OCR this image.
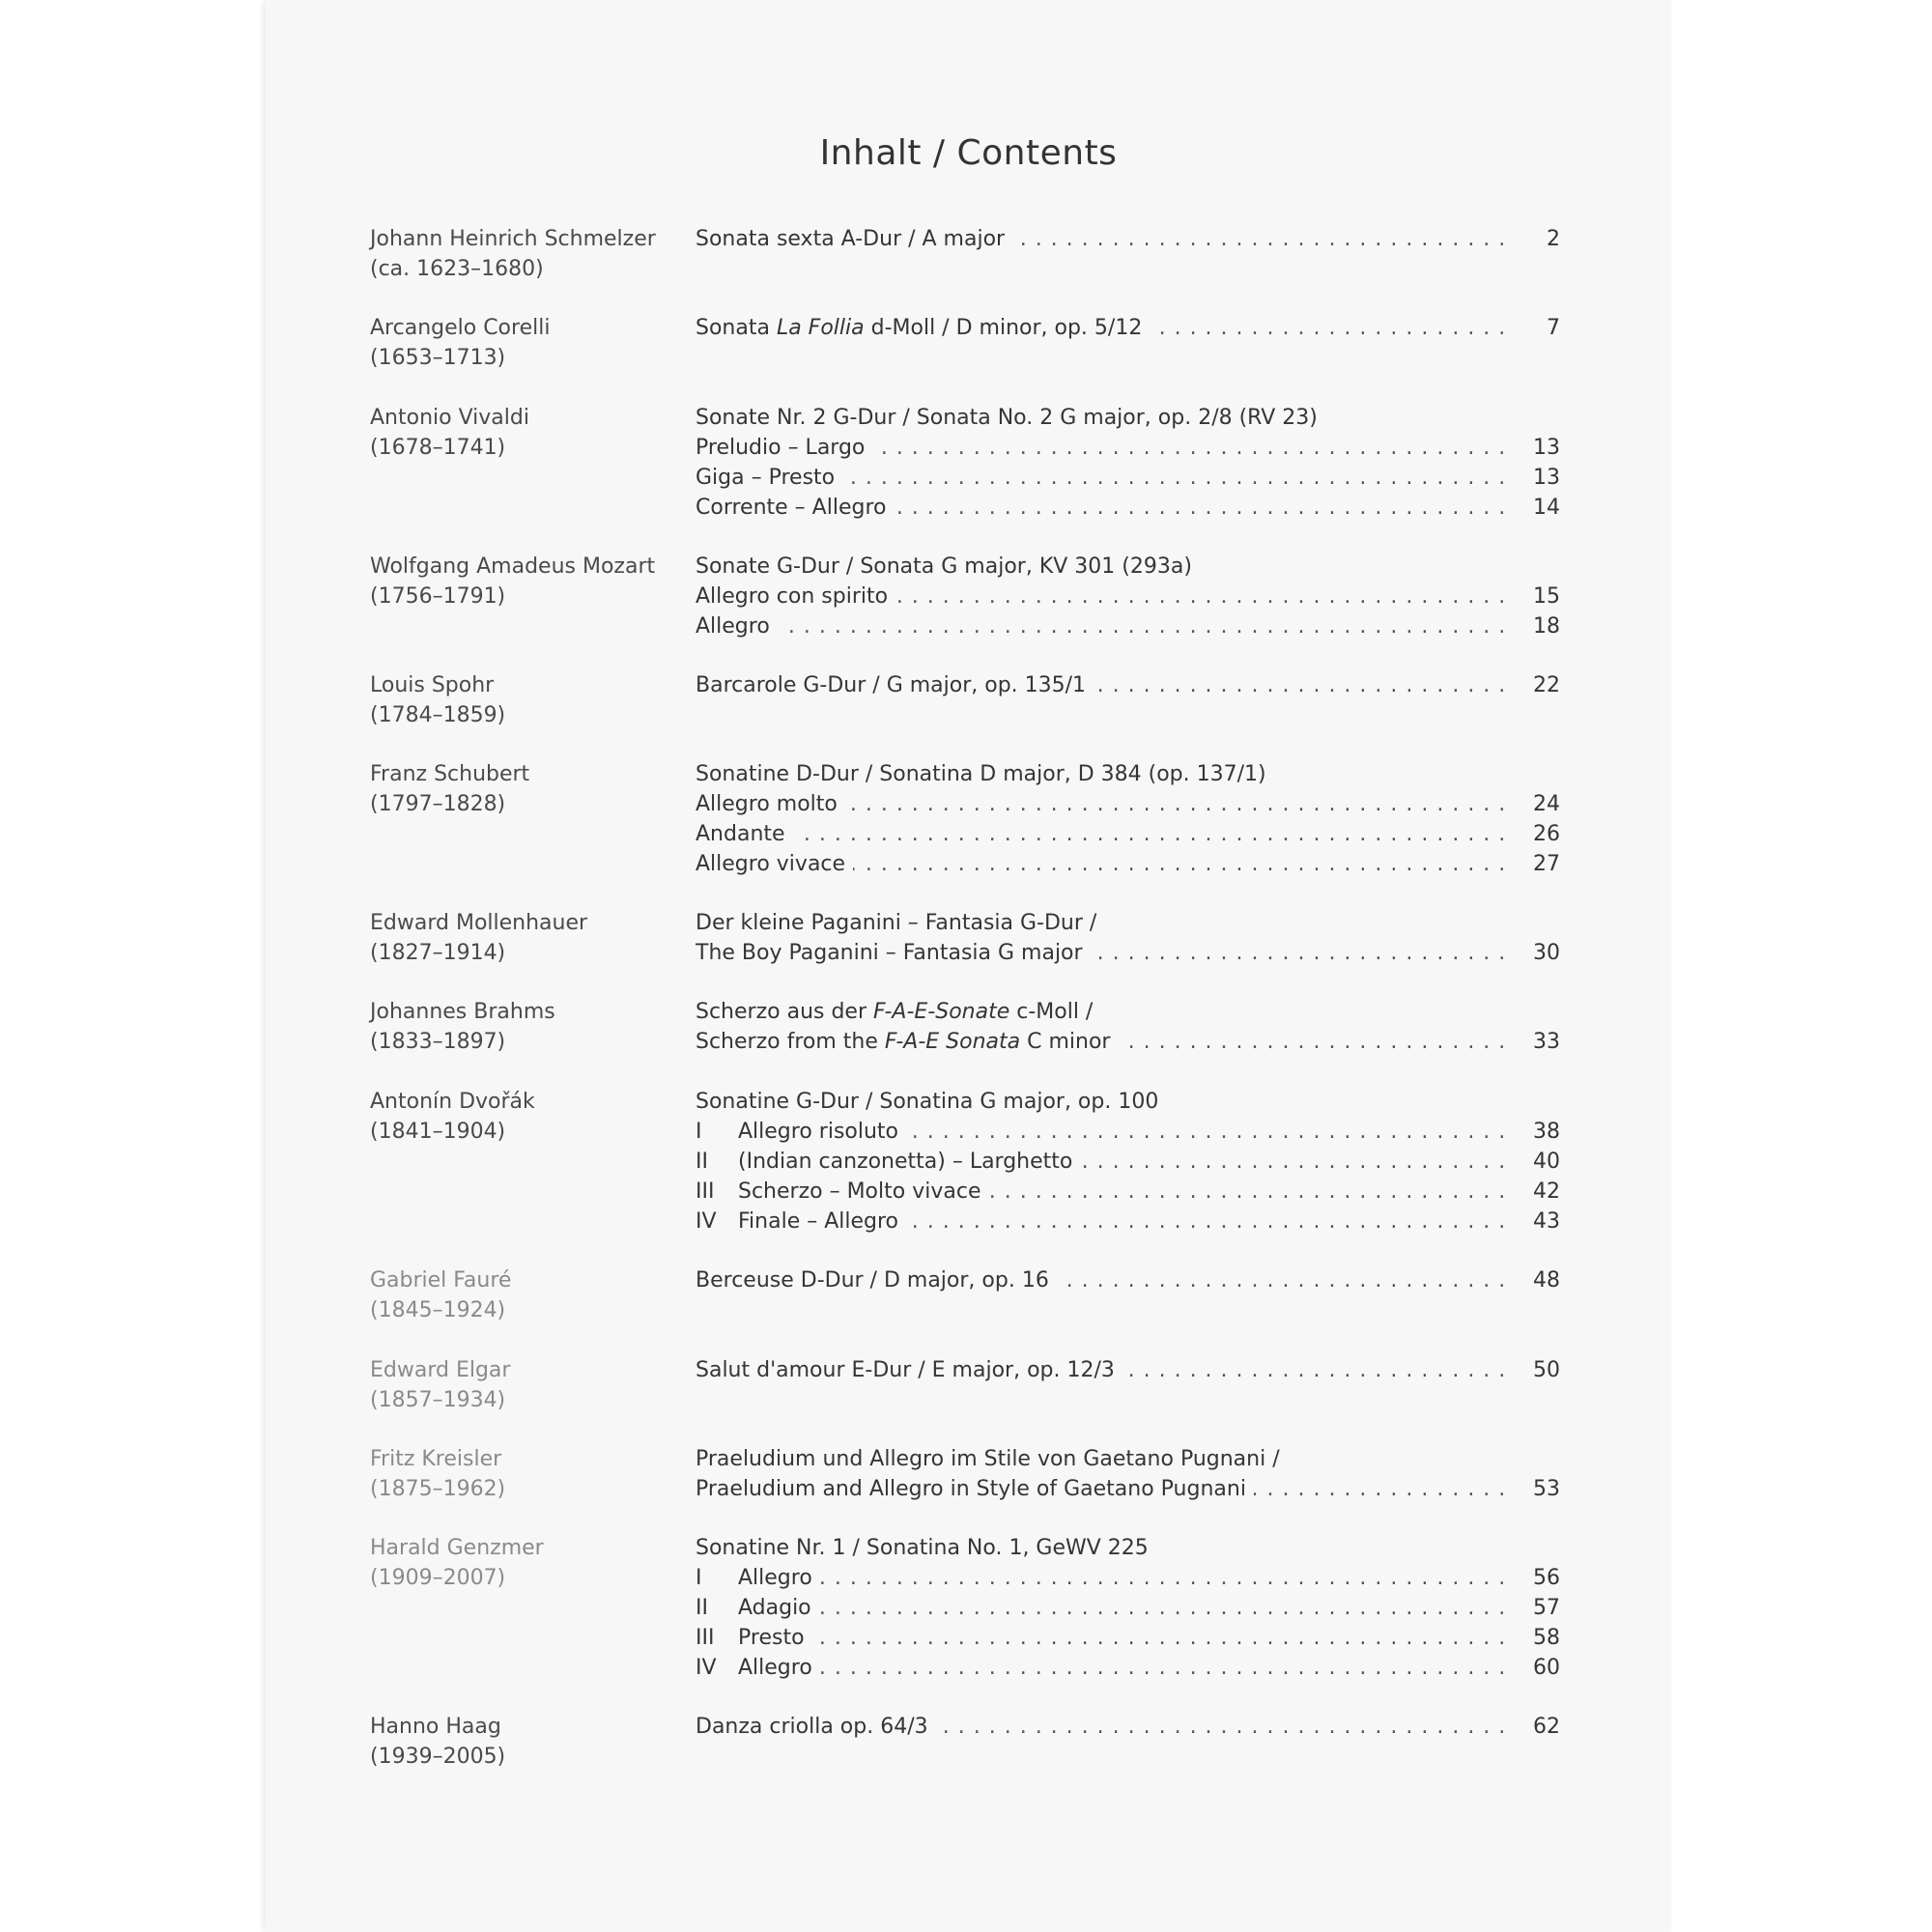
Inhalt / Contents
Johann Heinrich Schmelzer
(ca. 1623–1680)
. . . Sonata sexta A-Dur / A major	2
Arcangelo Corelli
(1653–1713)
. . . Sonata La Follia d-Moll / D minor, op. 5/12	7
Antonio Vivaldi
(1678–1741)
Sonate Nr. 2 G-Dur / Sonata No. 2 G major, op. 2/8 (RV 23)
. . . Preludio – Largo	13
. . . Giga – Presto	13
. . . Corrente – Allegro	14
Wolfgang Amadeus Mozart
(1756–1791)
Sonate G-Dur / Sonata G major, KV 301 (293a)
. . . Allegro con spirito	15
. . . Allegro	18
Louis Spohr
(1784–1859)
. . . Barcarole G-Dur / G major, op. 135/1	22
Franz Schubert
(1797–1828)
Sonatine D-Dur / Sonatina D major, D 384 (op. 137/1)
. . . Allegro molto	24
. . . Andante	26
. . . Allegro vivace	27
Edward Mollenhauer
(1827–1914)
Der kleine Paganini – Fantasia G-Dur /
. . . The Boy Paganini – Fantasia G major	30
Johannes Brahms
(1833–1897)
Scherzo aus der F-A-E-Sonate c-Moll /
. . . Scherzo from the F-A-E Sonata C minor	33
Antonín Dvořák
(1841–1904)
Sonatine G-Dur / Sonatina G major, op. 100
. . . I Allegro risoluto	38
. . . II (Indian canzonetta) – Larghetto	40
. . . III Scherzo – Molto vivace	42
. . . IV Finale – Allegro	43
Gabriel Fauré
(1845–1924)
. . . Berceuse D-Dur / D major, op. 16	48
Edward Elgar
(1857–1934)
. . . Salut d'amour E-Dur / E major, op. 12/3	50
Fritz Kreisler
(1875–1962)
Praeludium und Allegro im Stile von Gaetano Pugnani /
. . . Praeludium and Allegro in Style of Gaetano Pugnani	53
Harald Genzmer
(1909–2007)
Sonatine Nr. 1 / Sonatina No. 1, GeWV 225
. . . I Allegro	56
. . . II Adagio	57
. . . III Presto	58
. . . IV Allegro	60
Hanno Haag
(1939–2005)
. . . Danza criolla op. 64/3	62
